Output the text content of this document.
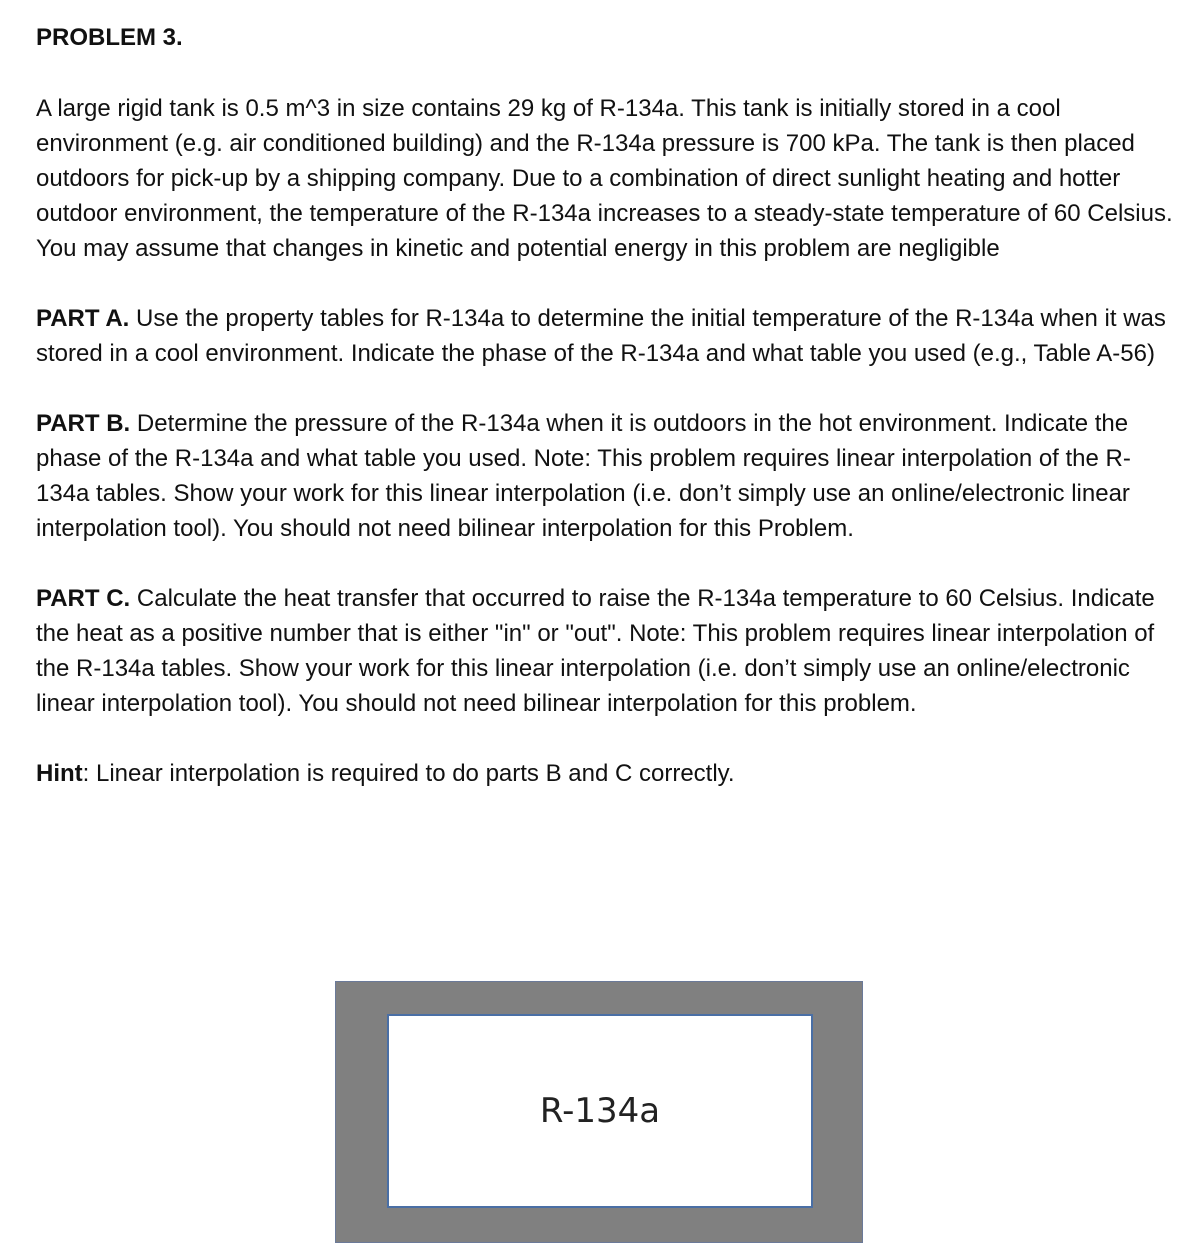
PROBLEM 3.

A large rigid tank is 0.5 m^3 in size contains 29 kg of R-134a. This tank is initially stored in a cool environment (e.g. air conditioned building) and the R-134a pressure is 700 kPa. The tank is then placed outdoors for pick-up by a shipping company. Due to a combination of direct sunlight heating and hotter outdoor environment, the temperature of the R-134a increases to a steady-state temperature of 60 Celsius. You may assume that changes in kinetic and potential energy in this problem are negligible

PART A. Use the property tables for R-134a to determine the initial temperature of the R-134a when it was stored in a cool environment. Indicate the phase of the R-134a and what table you used (e.g., Table A-56)

PART B. Determine the pressure of the R-134a when it is outdoors in the hot environment. Indicate the phase of the R-134a and what table you used. Note: This problem requires linear interpolation of the R-134a tables. Show your work for this linear interpolation (i.e. don’t simply use an online/electronic linear interpolation tool). You should not need bilinear interpolation for this Problem.

PART C. Calculate the heat transfer that occurred to raise the R-134a temperature to 60 Celsius. Indicate the heat as a positive number that is either "in" or "out". Note: This problem requires linear interpolation of the R-134a tables. Show your work for this linear interpolation (i.e. don’t simply use an online/electronic linear interpolation tool). You should not need bilinear interpolation for this problem.

Hint: Linear interpolation is required to do parts B and C correctly.

R-134a
